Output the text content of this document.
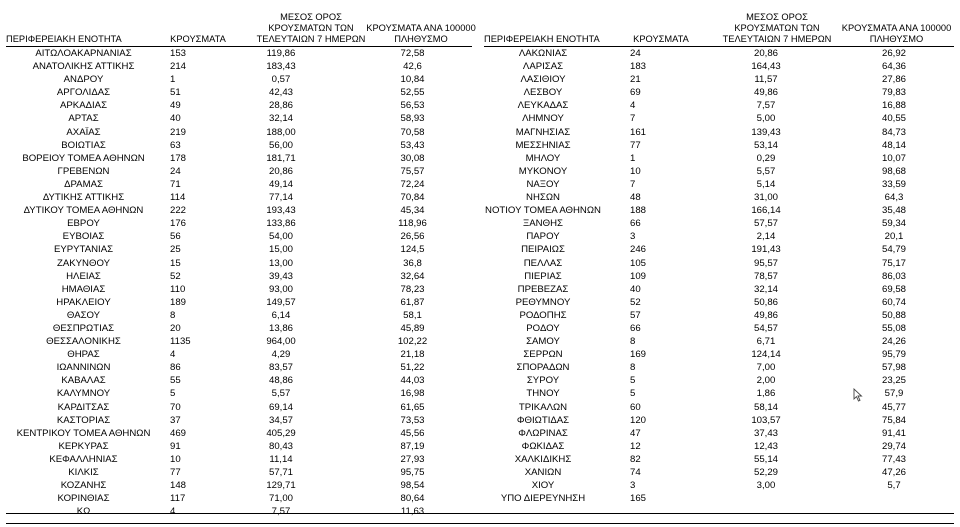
ΠΕΡΙΦΕΡΕΙΑΚΗ ΕΝΟΤΗΤΑ	ΚΡΟΥΣΜΑΤΑ
ΜΕΣΟΣ ΟΡΟΣ
ΚΡΟΥΣΜΑΤΩΝ ΤΩΝ
ΤΕΛΕΥΤΑΙΩΝ 7 ΗΜΕΡΩΝ
ΚΡΟΥΣΜΑΤΑ ΑΝΑ 100000
ΠΛΗΘΥΣΜΟ
ΑΙΤΩΛΟΑΚΑΡΝΑΝΙΑΣ	153	119,86	72,58
ΑΝΑΤΟΛΙΚΗΣ ΑΤΤΙΚΗΣ	214	183,43	42,6
ΑΝΔΡΟΥ	1	0,57	10,84
ΑΡΓΟΛΙΔΑΣ	51	42,43	52,55
ΑΡΚΑΔΙΑΣ	49	28,86	56,53
ΑΡΤΑΣ	40	32,14	58,93
ΑΧΑΪΑΣ	219	188,00	70,58
ΒΟΙΩΤΙΑΣ	63	56,00	53,43
ΒΟΡΕΙΟΥ ΤΟΜΕΑ ΑΘΗΝΩΝ	178	181,71	30,08
ΓΡΕΒΕΝΩΝ	24	20,86	75,57
ΔΡΑΜΑΣ	71	49,14	72,24
ΔΥΤΙΚΗΣ ΑΤΤΙΚΗΣ	114	77,14	70,84
ΔΥΤΙΚΟΥ ΤΟΜΕΑ ΑΘΗΝΩΝ	222	193,43	45,34
ΕΒΡΟΥ	176	133,86	118,96
ΕΥΒΟΙΑΣ	56	54,00	26,56
ΕΥΡΥΤΑΝΙΑΣ	25	15,00	124,5
ΖΑΚΥΝΘΟΥ	15	13,00	36,8
ΗΛΕΙΑΣ	52	39,43	32,64
ΗΜΑΘΙΑΣ	110	93,00	78,23
ΗΡΑΚΛΕΙΟΥ	189	149,57	61,87
ΘΑΣΟΥ	8	6,14	58,1
ΘΕΣΠΡΩΤΙΑΣ	20	13,86	45,89
ΘΕΣΣΑΛΟΝΙΚΗΣ	1135	964,00	102,22
ΘΗΡΑΣ	4	4,29	21,18
ΙΩΑΝΝΙΝΩΝ	86	83,57	51,22
ΚΑΒΑΛΑΣ	55	48,86	44,03
ΚΑΛΥΜΝΟΥ	5	5,57	16,98
ΚΑΡΔΙΤΣΑΣ	70	69,14	61,65
ΚΑΣΤΟΡΙΑΣ	37	34,57	73,53
ΚΕΝΤΡΙΚΟΥ ΤΟΜΕΑ ΑΘΗΝΩΝ	469	405,29	45,56
ΚΕΡΚΥΡΑΣ	91	80,43	87,19
ΚΕΦΑΛΛΗΝΙΑΣ	10	11,14	27,93
ΚΙΛΚΙΣ	77	57,71	95,75
ΚΟΖΑΝΗΣ	148	129,71	98,54
ΚΟΡΙΝΘΙΑΣ	117	71,00	80,64
ΚΩ	4	7,57	11,63
ΠΕΡΙΦΕΡΕΙΑΚΗ ΕΝΟΤΗΤΑ	ΚΡΟΥΣΜΑΤΑ
ΜΕΣΟΣ ΟΡΟΣ
ΚΡΟΥΣΜΑΤΩΝ ΤΩΝ
ΤΕΛΕΥΤΑΙΩΝ 7 ΗΜΕΡΩΝ
ΚΡΟΥΣΜΑΤΑ ΑΝΑ 100000
ΠΛΗΘΥΣΜΟ
ΛΑΚΩΝΙΑΣ	24	20,86	26,92
ΛΑΡΙΣΑΣ	183	164,43	64,36
ΛΑΣΙΘΙΟΥ	21	11,57	27,86
ΛΕΣΒΟΥ	69	49,86	79,83
ΛΕΥΚΑΔΑΣ	4	7,57	16,88
ΛΗΜΝΟΥ	7	5,00	40,55
ΜΑΓΝΗΣΙΑΣ	161	139,43	84,73
ΜΕΣΣΗΝΙΑΣ	77	53,14	48,14
ΜΗΛΟΥ	1	0,29	10,07
ΜΥΚΟΝΟΥ	10	5,57	98,68
ΝΑΞΟΥ	7	5,14	33,59
ΝΗΣΩΝ	48	31,00	64,3
ΝΟΤΙΟΥ ΤΟΜΕΑ ΑΘΗΝΩΝ	188	166,14	35,48
ΞΑΝΘΗΣ	66	57,57	59,34
ΠΑΡΟΥ	3	2,14	20,1
ΠΕΙΡΑΙΩΣ	246	191,43	54,79
ΠΕΛΛΑΣ	105	95,57	75,17
ΠΙΕΡΙΑΣ	109	78,57	86,03
ΠΡΕΒΕΖΑΣ	40	32,14	69,58
ΡΕΘΥΜΝΟΥ	52	50,86	60,74
ΡΟΔΟΠΗΣ	57	49,86	50,88
ΡΟΔΟΥ	66	54,57	55,08
ΣΑΜΟΥ	8	6,71	24,26
ΣΕΡΡΩΝ	169	124,14	95,79
ΣΠΟΡΑΔΩΝ	8	7,00	57,98
ΣΥΡΟΥ	5	2,00	23,25
ΤΗΝΟΥ	5	1,86	57,9
ΤΡΙΚΑΛΩΝ	60	58,14	45,77
ΦΘΙΩΤΙΔΑΣ	120	103,57	75,84
ΦΛΩΡΙΝΑΣ	47	37,43	91,41
ΦΩΚΙΔΑΣ	12	12,43	29,74
ΧΑΛΚΙΔΙΚΗΣ	82	55,14	77,43
ΧΑΝΙΩΝ	74	52,29	47,26
ΧΙΟΥ	3	3,00	5,7
ΥΠΟ ΔΙΕΡΕΥΝΗΣΗ	165
